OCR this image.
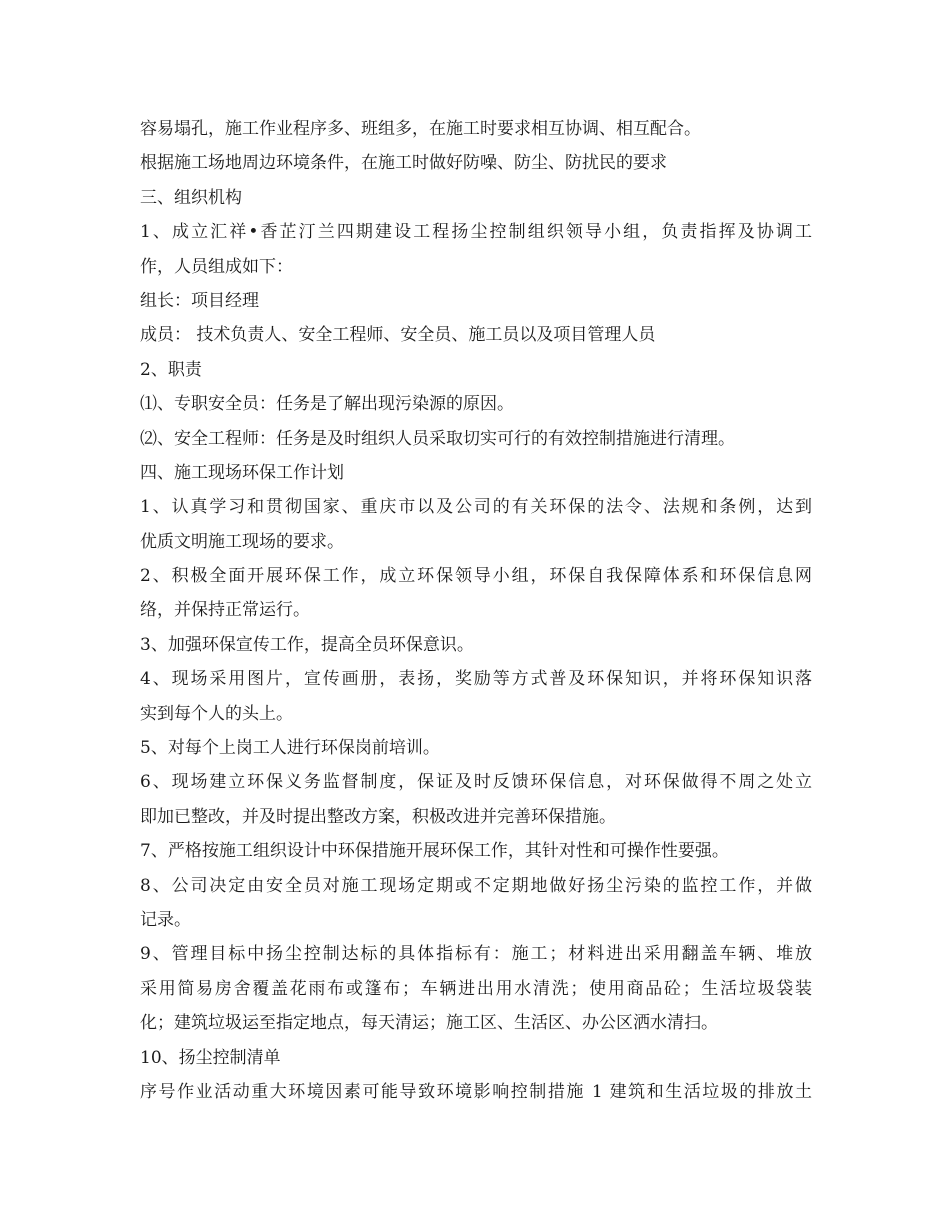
容易塌孔，施工作业程序多、班组多，在施工时要求相互协调、相互配合。
根据施工场地周边环境条件，在施工时做好防噪、防尘、防扰民的要求
三、组织机构
1、成立汇祥•香芷汀兰四期建设工程扬尘控制组织领导小组，负责指挥及协调工
作，人员组成如下：
组长：项目经理
成员： 技术负责人、安全工程师、安全员、施工员以及项目管理人员
2、职责
⑴、专职安全员：任务是了解出现污染源的原因。
⑵、安全工程师：任务是及时组织人员采取切实可行的有效控制措施进行清理。
四、施工现场环保工作计划
1、认真学习和贯彻国家、重庆市以及公司的有关环保的法令、法规和条例，达到
优质文明施工现场的要求。
2、积极全面开展环保工作，成立环保领导小组，环保自我保障体系和环保信息网
络，并保持正常运行。
3、加强环保宣传工作，提高全员环保意识。
4、现场采用图片，宣传画册，表扬，奖励等方式普及环保知识，并将环保知识落
实到每个人的头上。
5、对每个上岗工人进行环保岗前培训。
6、现场建立环保义务监督制度，保证及时反馈环保信息，对环保做得不周之处立
即加已整改，并及时提出整改方案，积极改进并完善环保措施。
7、严格按施工组织设计中环保措施开展环保工作，其针对性和可操作性要强。
8、公司决定由安全员对施工现场定期或不定期地做好扬尘污染的监控工作，并做
记录。
9、管理目标中扬尘控制达标的具体指标有：施工；材料进出采用翻盖车辆、堆放
采用简易房舍覆盖花雨布或篷布；车辆进出用水清洗；使用商品砼；生活垃圾袋装
化；建筑垃圾运至指定地点，每天清运；施工区、生活区、办公区洒水清扫。
10、扬尘控制清单
序号作业活动重大环境因素可能导致环境影响控制措施 1 建筑和生活垃圾的排放土
